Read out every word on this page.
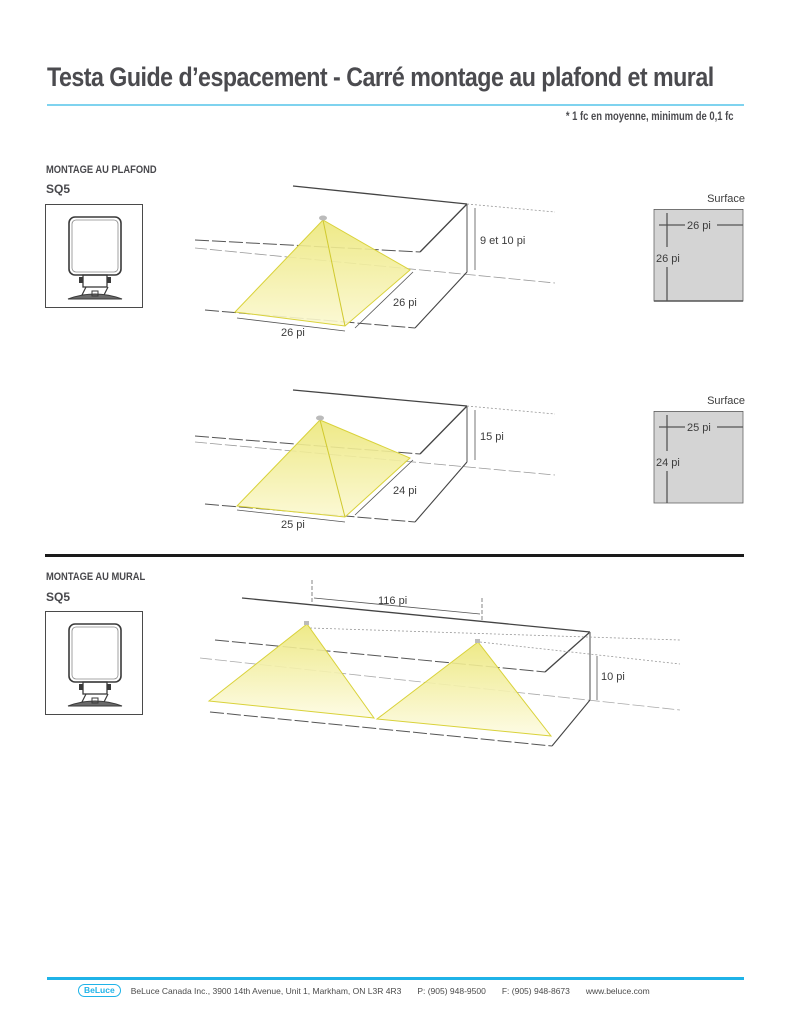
Testa Guide d’espacement - Carré montage au plafond et mural
* 1 fc en moyenne, minimum de 0,1 fc
MONTAGE AU PLAFOND
SQ5
9 et 10 pi
26 pi
26 pi
Surface
26 pi
26 pi
15 pi
25 pi
24 pi
Surface
25 pi
24 pi
MONTAGE AU MURAL
SQ5	116 pi
10 pi
BeLuce	BeLuce Canada Inc., 3900 14th Avenue, Unit 1, Markham, ON L3R 4R3 P: (905) 948-9500 F: (905) 948-8673 www.beluce.com
